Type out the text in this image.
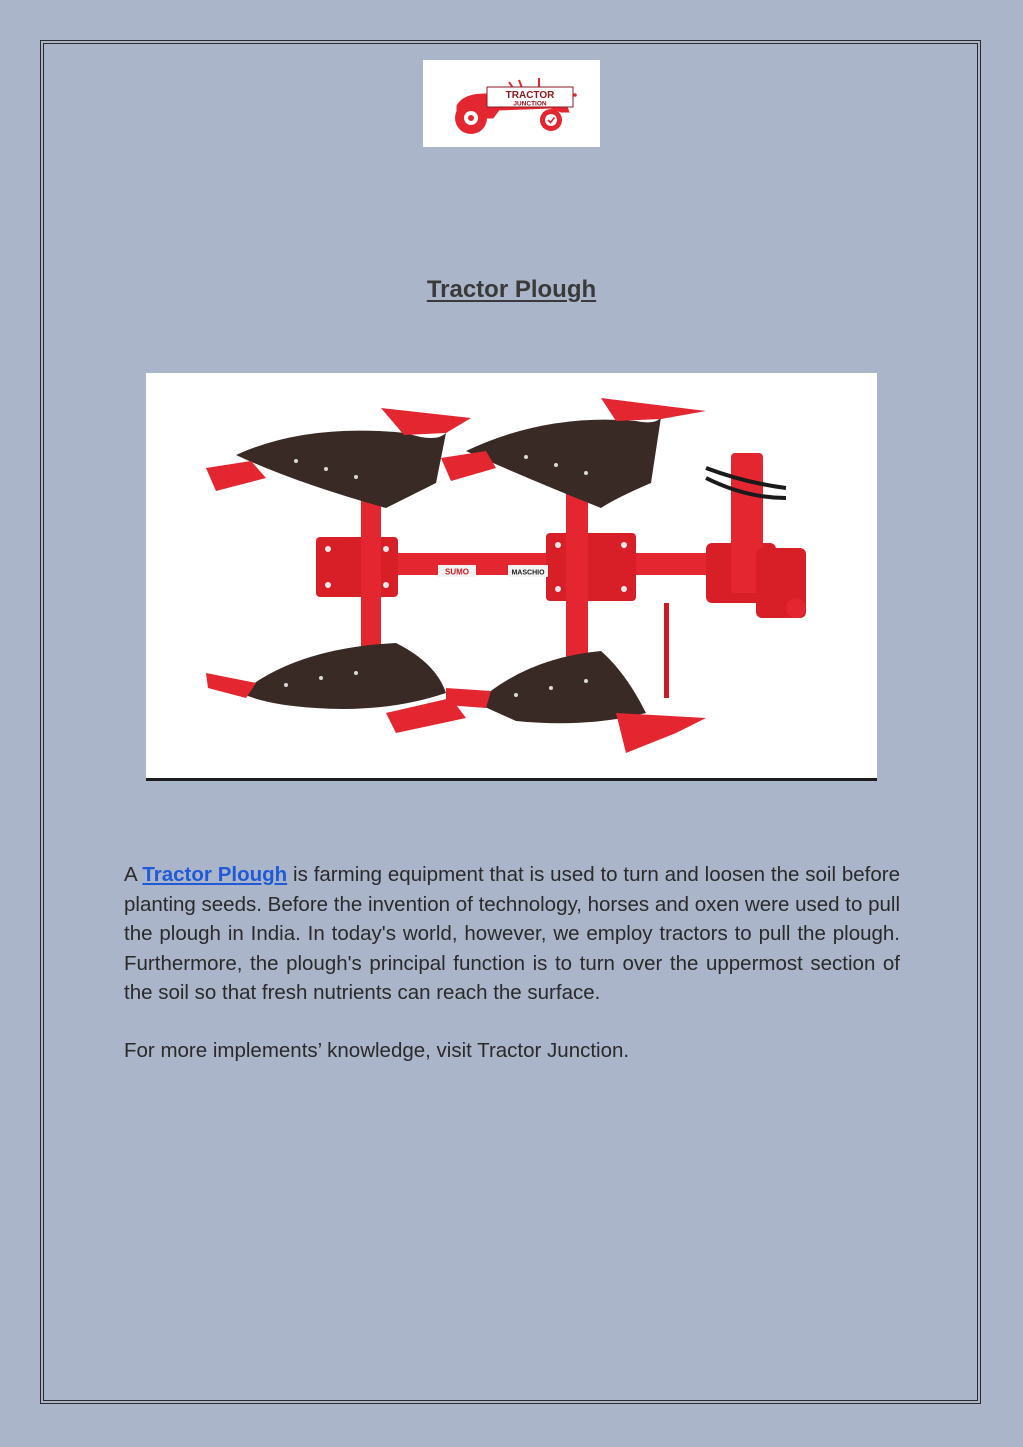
TRACTOR
JUNCTION
Tractor Plough
SUMO	MASCHIO
A Tractor Plough is farming equipment that is used to turn and loosen the soil before planting seeds. Before the invention of technology, horses and oxen were used to pull the plough in India. In today's world, however, we employ tractors to pull the plough. Furthermore, the plough's principal function is to turn over the uppermost section of the soil so that fresh nutrients can reach the surface.
For more implements’ knowledge, visit Tractor Junction.
